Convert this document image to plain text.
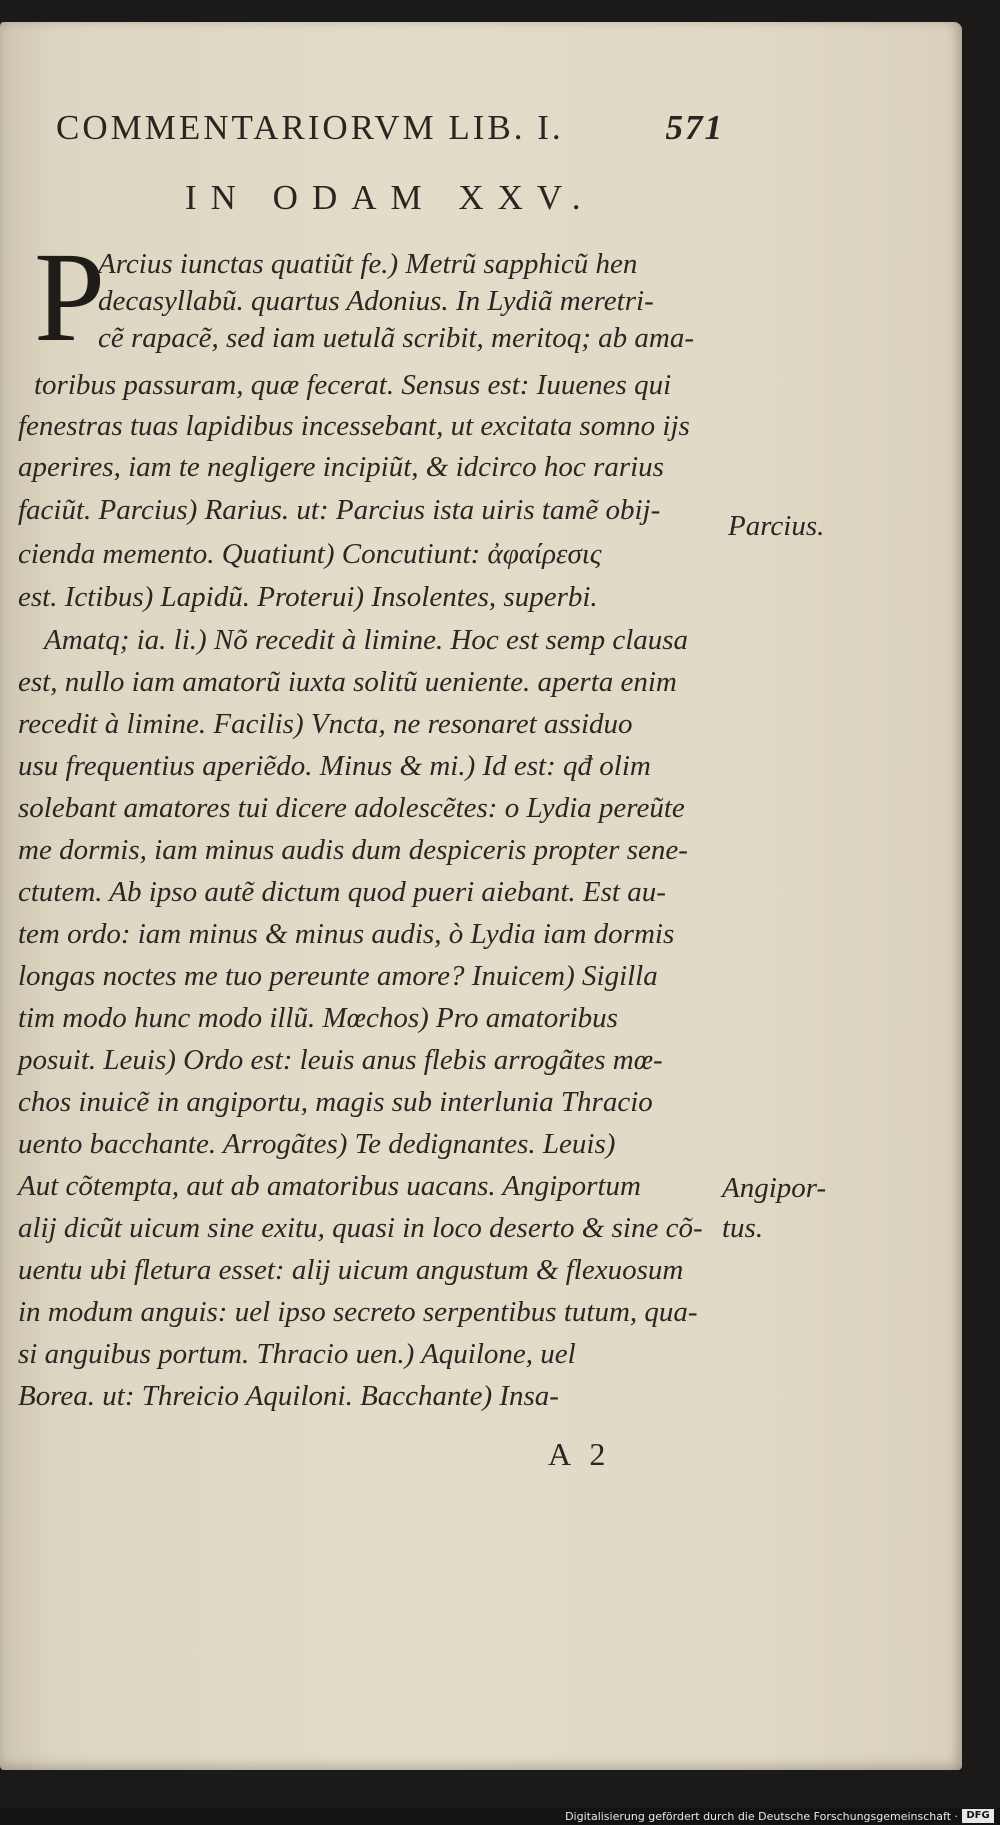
COMMENTARIORVM LIB. I.	571
IN ODAM XXV.
P
Arcius iunctas quatiũt fe.) Metrũ sapphicũ hen
decasyllabũ. quartus Adonius. In Lydiã meretri-
cẽ rapacẽ, sed iam uetulã scribit, meritoq; ab ama-
toribus passuram, quæ fecerat. Sensus est: Iuuenes qui
fenestras tuas lapidibus incessebant, ut excitata somno ijs
aperires, iam te negligere incipiũt, & idcirco hoc rarius
faciũt. Parcius) Rarius. ut: Parcius ista uiris tamẽ obij-
cienda memento. Quatiunt) Concutiunt: ἀφαίρεσις
est. Ictibus) Lapidũ. Proterui) Insolentes, superbi.
Amatq; ia. li.) Nõ recedit à limine. Hoc est semp clausa
est, nullo iam amatorũ iuxta solitũ ueniente. aperta enim
recedit à limine. Facilis) Vncta, ne resonaret assiduo
usu frequentius aperiẽdo. Minus & mi.) Id est: qđ olim
solebant amatores tui dicere adolescẽtes: o Lydia pereũte
me dormis, iam minus audis dum despiceris propter sene-
ctutem. Ab ipso autẽ dictum quod pueri aiebant. Est au-
tem ordo: iam minus & minus audis, ò Lydia iam dormis
longas noctes me tuo pereunte amore? Inuicem) Sigilla
tim modo hunc modo illũ. Mœchos) Pro amatoribus
posuit. Leuis) Ordo est: leuis anus flebis arrogãtes mœ-
chos inuicẽ in angiportu, magis sub interlunia Thracio
uento bacchante. Arrogãtes) Te dedignantes. Leuis)
Aut cõtempta, aut ab amatoribus uacans. Angiportum
alij dicũt uicum sine exitu, quasi in loco deserto & sine cõ-
uentu ubi fletura esset: alij uicum angustum & flexuosum
in modum anguis: uel ipso secreto serpentibus tutum, qua-
si anguibus portum. Thracio uen.) Aquilone, uel
Borea. ut: Threicio Aquiloni. Bacchante) Insa-
Parcius.
Angipor-
tus.
A 2
Digitalisierung gefördert durch die Deutsche Forschungsgemeinschaft · DFG
